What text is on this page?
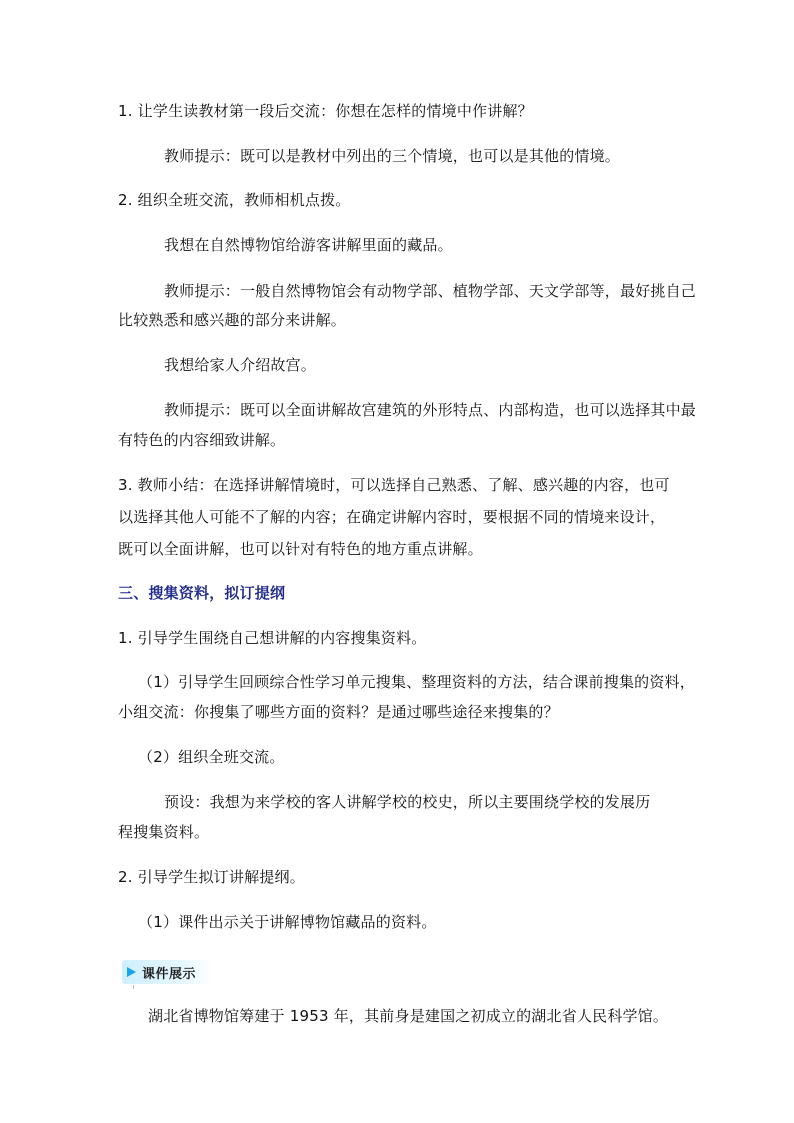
1. 让学生读教材第一段后交流：你想在怎样的情境中作讲解？
教师提示：既可以是教材中列出的三个情境，也可以是其他的情境。
2. 组织全班交流，教师相机点拨。
我想在自然博物馆给游客讲解里面的藏品。
教师提示：一般自然博物馆会有动物学部、植物学部、天文学部等，最好挑自己
比较熟悉和感兴趣的部分来讲解。
我想给家人介绍故宫。
教师提示：既可以全面讲解故宫建筑的外形特点、内部构造，也可以选择其中最
有特色的内容细致讲解。
3. 教师小结：在选择讲解情境时，可以选择自己熟悉、了解、感兴趣的内容，也可
以选择其他人可能不了解的内容；在确定讲解内容时，要根据不同的情境来设计，
既可以全面讲解，也可以针对有特色的地方重点讲解。
三、搜集资料，拟订提纲
1. 引导学生围绕自己想讲解的内容搜集资料。
（1）引导学生回顾综合性学习单元搜集、整理资料的方法，结合课前搜集的资料，
小组交流：你搜集了哪些方面的资料？是通过哪些途径来搜集的？
（2）组织全班交流。
预设：我想为来学校的客人讲解学校的校史，所以主要围绕学校的发展历
程搜集资料。
2. 引导学生拟订讲解提纲。
（1）课件出示关于讲解博物馆藏品的资料。
课件展示
湖北省博物馆筹建于 1953 年，其前身是建国之初成立的湖北省人民科学馆。
